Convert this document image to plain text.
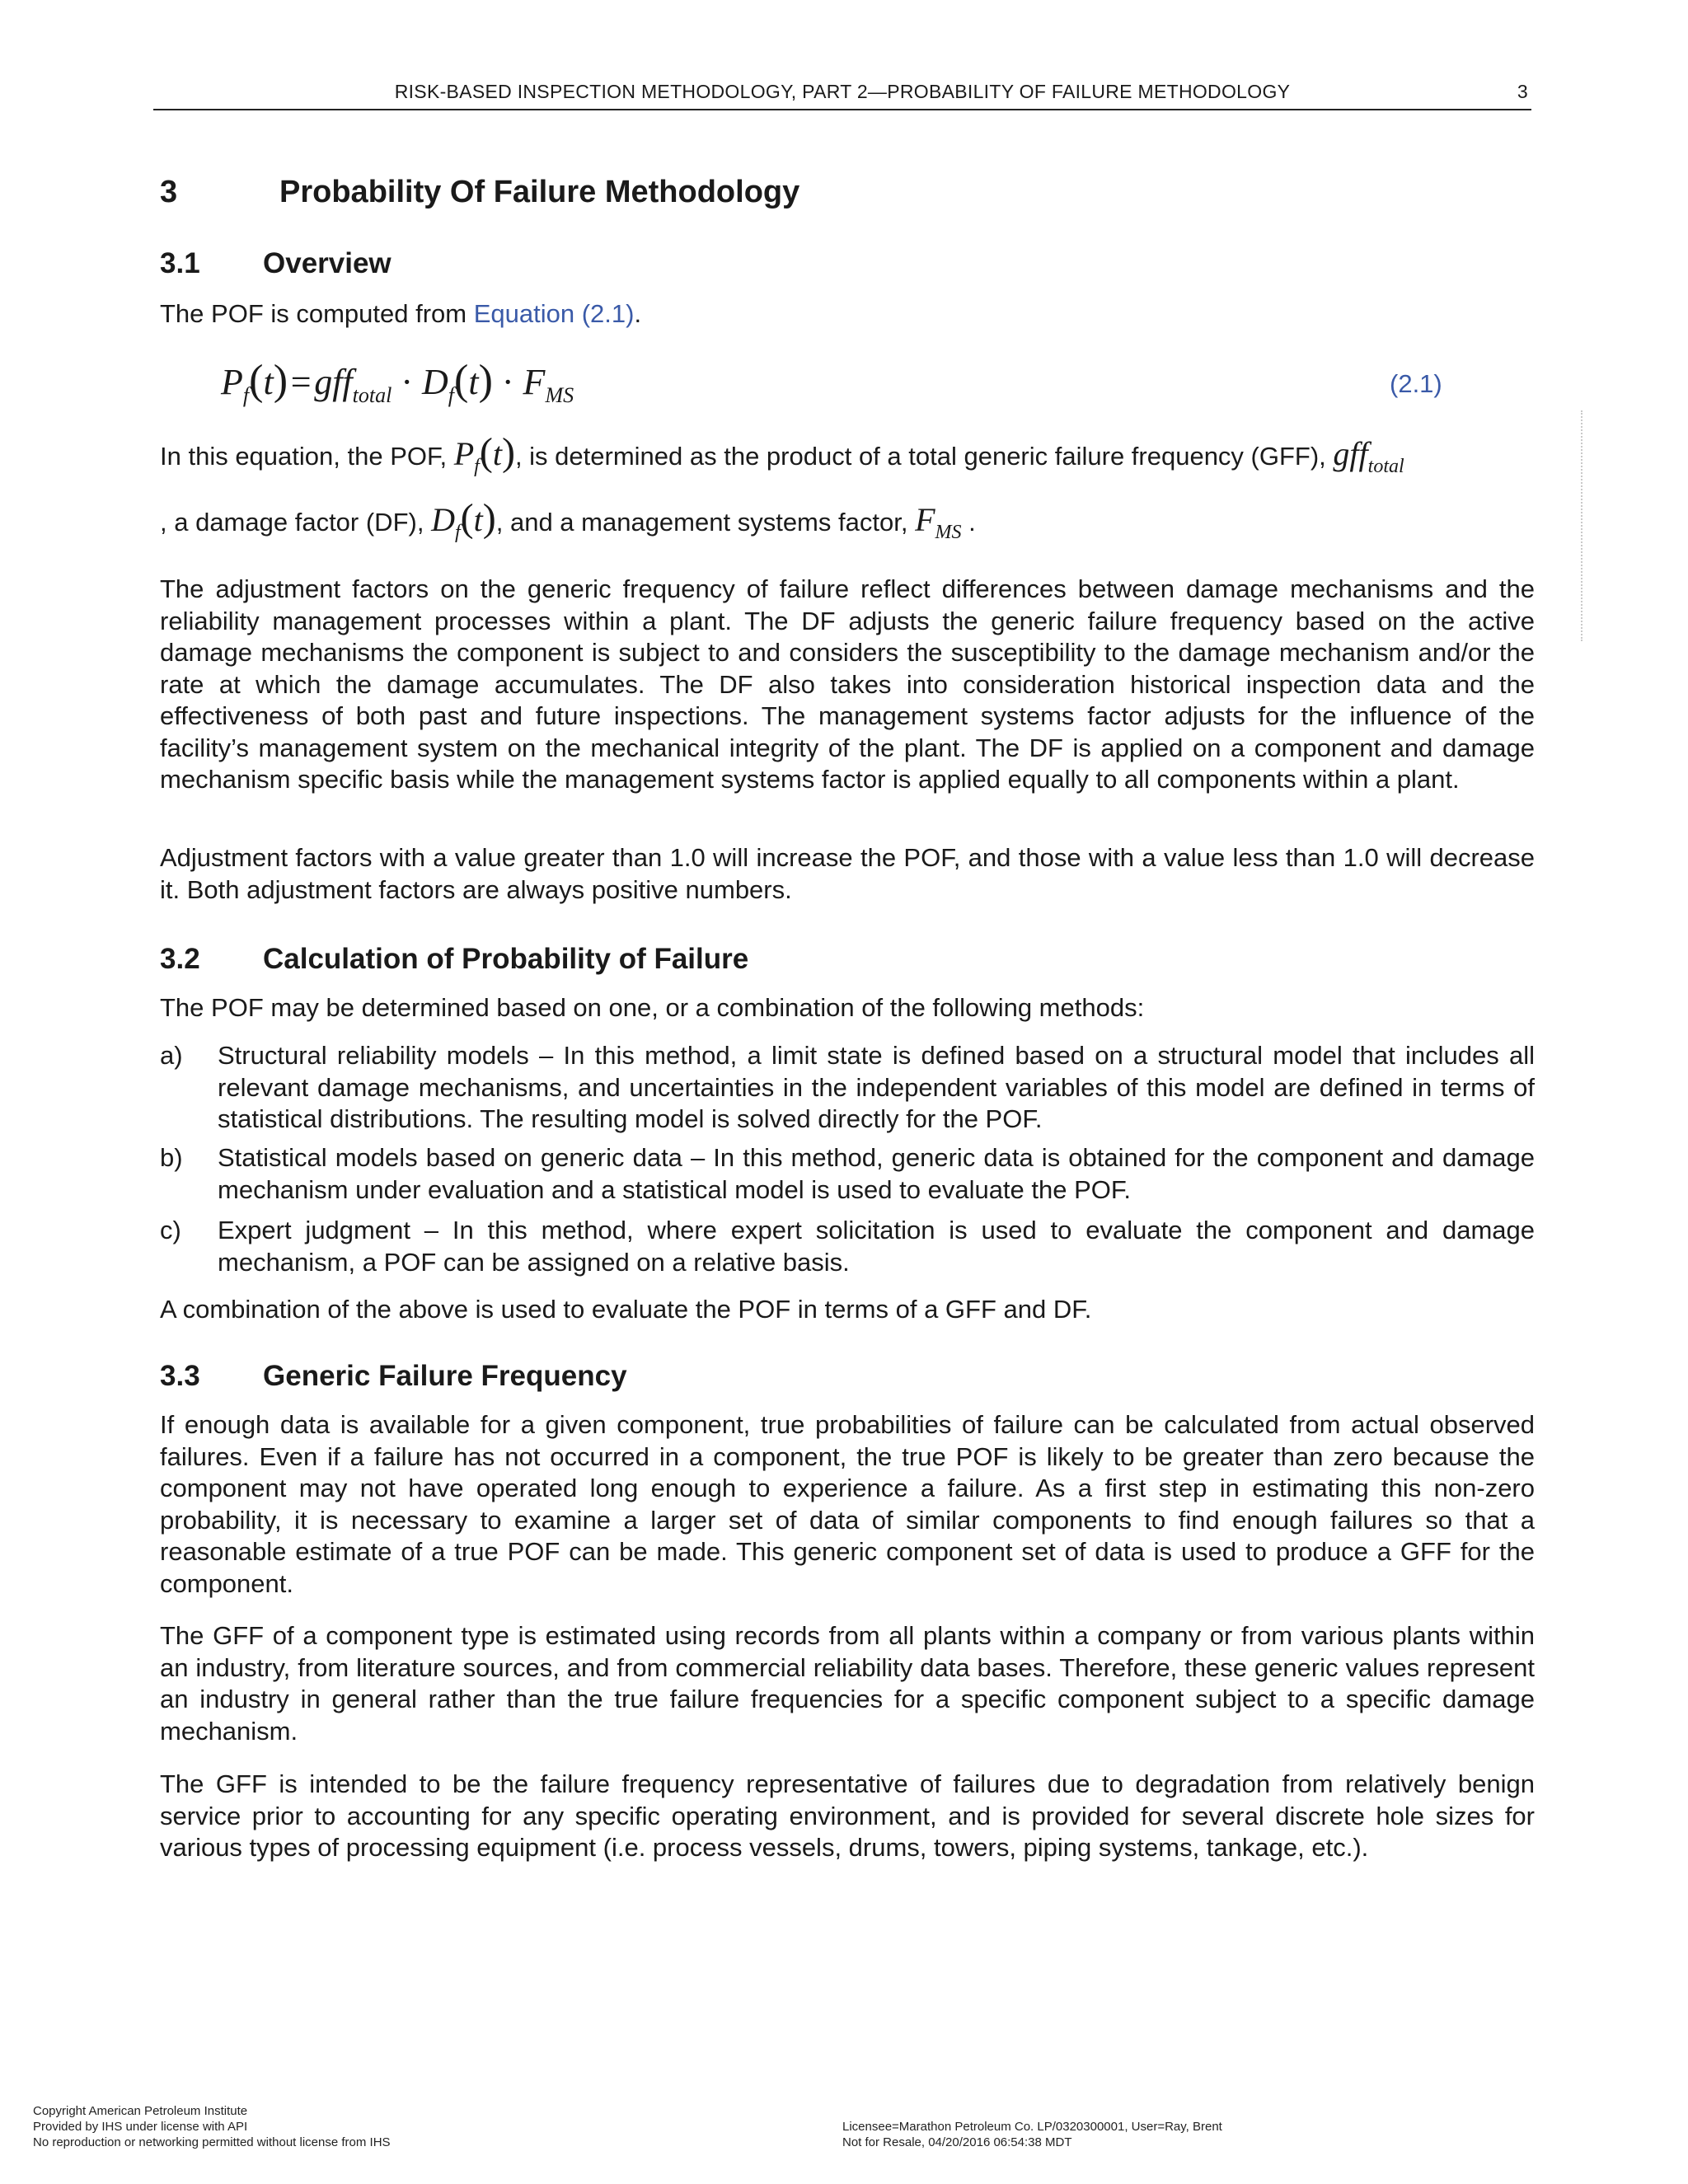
RISK-BASED INSPECTION METHODOLOGY, PART 2—PROBABILITY OF FAILURE METHODOLOGY	3
3	Probability Of Failure Methodology
3.1 Overview

The POF is computed from Equation (2.1).

$P_f(t)$ = $gff_{total} \cdot D_f(t) \cdot F_{MS}$	(2.1)
In this equation, the POF, $P_f(t)$, is determined as the product of a total generic failure frequency (GFF), gff$_{total}$
, a damage factor (DF), $D_f(t)$, and a management systems factor, $F_{MS}$ .

The adjustment factors on the generic frequency of failure reflect differences between damage mechanisms and the reliability management processes within a plant. The DF adjusts the generic failure frequency based on the active damage mechanisms the component is subject to and considers the susceptibility to the damage mechanism and/or the rate at which the damage accumulates. The DF also takes into consideration historical inspection data and the effectiveness of both past and future inspections. The management systems factor adjusts for the influence of the facility’s management system on the mechanical integrity of the plant. The DF is applied on a component and damage mechanism specific basis while the management systems factor is applied equally to all components within a plant.

Adjustment factors with a value greater than 1.0 will increase the POF, and those with a value less than 1.0 will decrease it. Both adjustment factors are always positive numbers.

3.2 Calculation of Probability of Failure

The POF may be determined based on one, or a combination of the following methods:

a) Structural reliability models – In this method, a limit state is defined based on a structural model that includes all relevant damage mechanisms, and uncertainties in the independent variables of this model are defined in terms of statistical distributions. The resulting model is solved directly for the POF.
b) Statistical models based on generic data – In this method, generic data is obtained for the component and damage mechanism under evaluation and a statistical model is used to evaluate the POF.
c) Expert judgment – In this method, where expert solicitation is used to evaluate the component and damage mechanism, a POF can be assigned on a relative basis.

A combination of the above is used to evaluate the POF in terms of a GFF and DF.

3.3 Generic Failure Frequency

If enough data is available for a given component, true probabilities of failure can be calculated from actual observed failures. Even if a failure has not occurred in a component, the true POF is likely to be greater than zero because the component may not have operated long enough to experience a failure. As a first step in estimating this non-zero probability, it is necessary to examine a larger set of data of similar components to find enough failures so that a reasonable estimate of a true POF can be made. This generic component set of data is used to produce a GFF for the component.

The GFF of a component type is estimated using records from all plants within a company or from various plants within an industry, from literature sources, and from commercial reliability data bases. Therefore, these generic values represent an industry in general rather than the true failure frequencies for a specific component subject to a specific damage mechanism.

The GFF is intended to be the failure frequency representative of failures due to degradation from relatively benign service prior to accounting for any specific operating environment, and is provided for several discrete hole sizes for various types of processing equipment (i.e. process vessels, drums, towers, piping systems, tankage, etc.).

Copyright American Petroleum Institute
Provided by IHS under license with API
No reproduction or networking permitted without license from IHS
Licensee=Marathon Petroleum Co. LP/0320300001, User=Ray, Brent
Not for Resale, 04/20/2016 06:54:38 MDT
